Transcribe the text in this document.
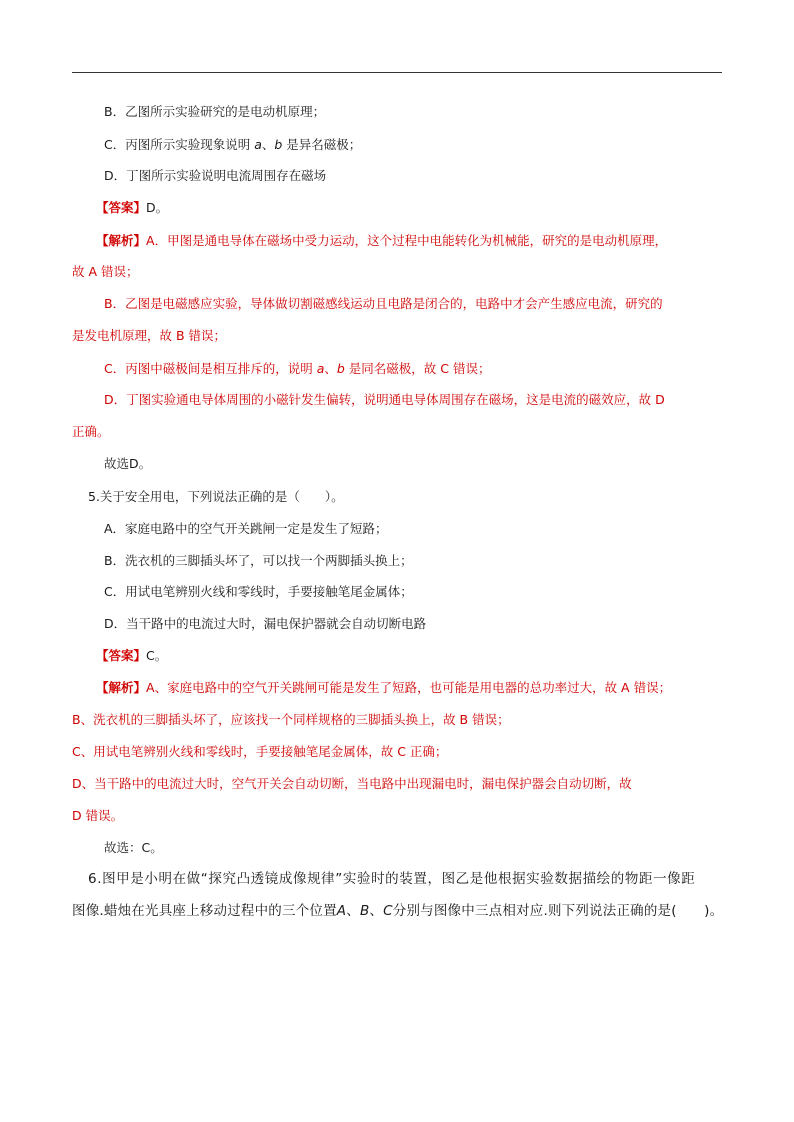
B．乙图所示实验研究的是电动机原理；
C．丙图所示实验现象说明 a、b 是异名磁极；
D．丁图所示实验说明电流周围存在磁场
【答案】D。
【解析】A．甲图是通电导体在磁场中受力运动，这个过程中电能转化为机械能，研究的是电动机原理，
故 A 错误；
B．乙图是电磁感应实验，导体做切割磁感线运动且电路是闭合的，电路中才会产生感应电流，研究的
是发电机原理，故 B 错误；
C．丙图中磁极间是相互排斥的，说明 a、b 是同名磁极，故 C 错误；
D．丁图实验通电导体周围的小磁针发生偏转，说明通电导体周围存在磁场，这是电流的磁效应，故 D
正确。
故选D。
5.关于安全用电，下列说法正确的是（　　）。
A．家庭电路中的空气开关跳闸一定是发生了短路；
B．洗衣机的三脚插头坏了，可以找一个两脚插头换上；
C．用试电笔辨别火线和零线时，手要接触笔尾金属体；
D．当干路中的电流过大时，漏电保护器就会自动切断电路
【答案】C。
【解析】A、家庭电路中的空气开关跳闸可能是发生了短路，也可能是用电器的总功率过大，故 A 错误；
B、洗衣机的三脚插头坏了，应该找一个同样规格的三脚插头换上，故 B 错误；
C、用试电笔辨别火线和零线时，手要接触笔尾金属体，故 C 正确；
D、当干路中的电流过大时，空气开关会自动切断，当电路中出现漏电时，漏电保护器会自动切断，故
D 错误。
故选：C。
6.图甲是小明在做“探究凸透镜成像规律”实验时的装置，图乙是他根据实验数据描绘的物距一像距
图像.蜡烛在光具座上移动过程中的三个位置A、B、C分别与图像中三点相对应.则下列说法正确的是(　　)。
